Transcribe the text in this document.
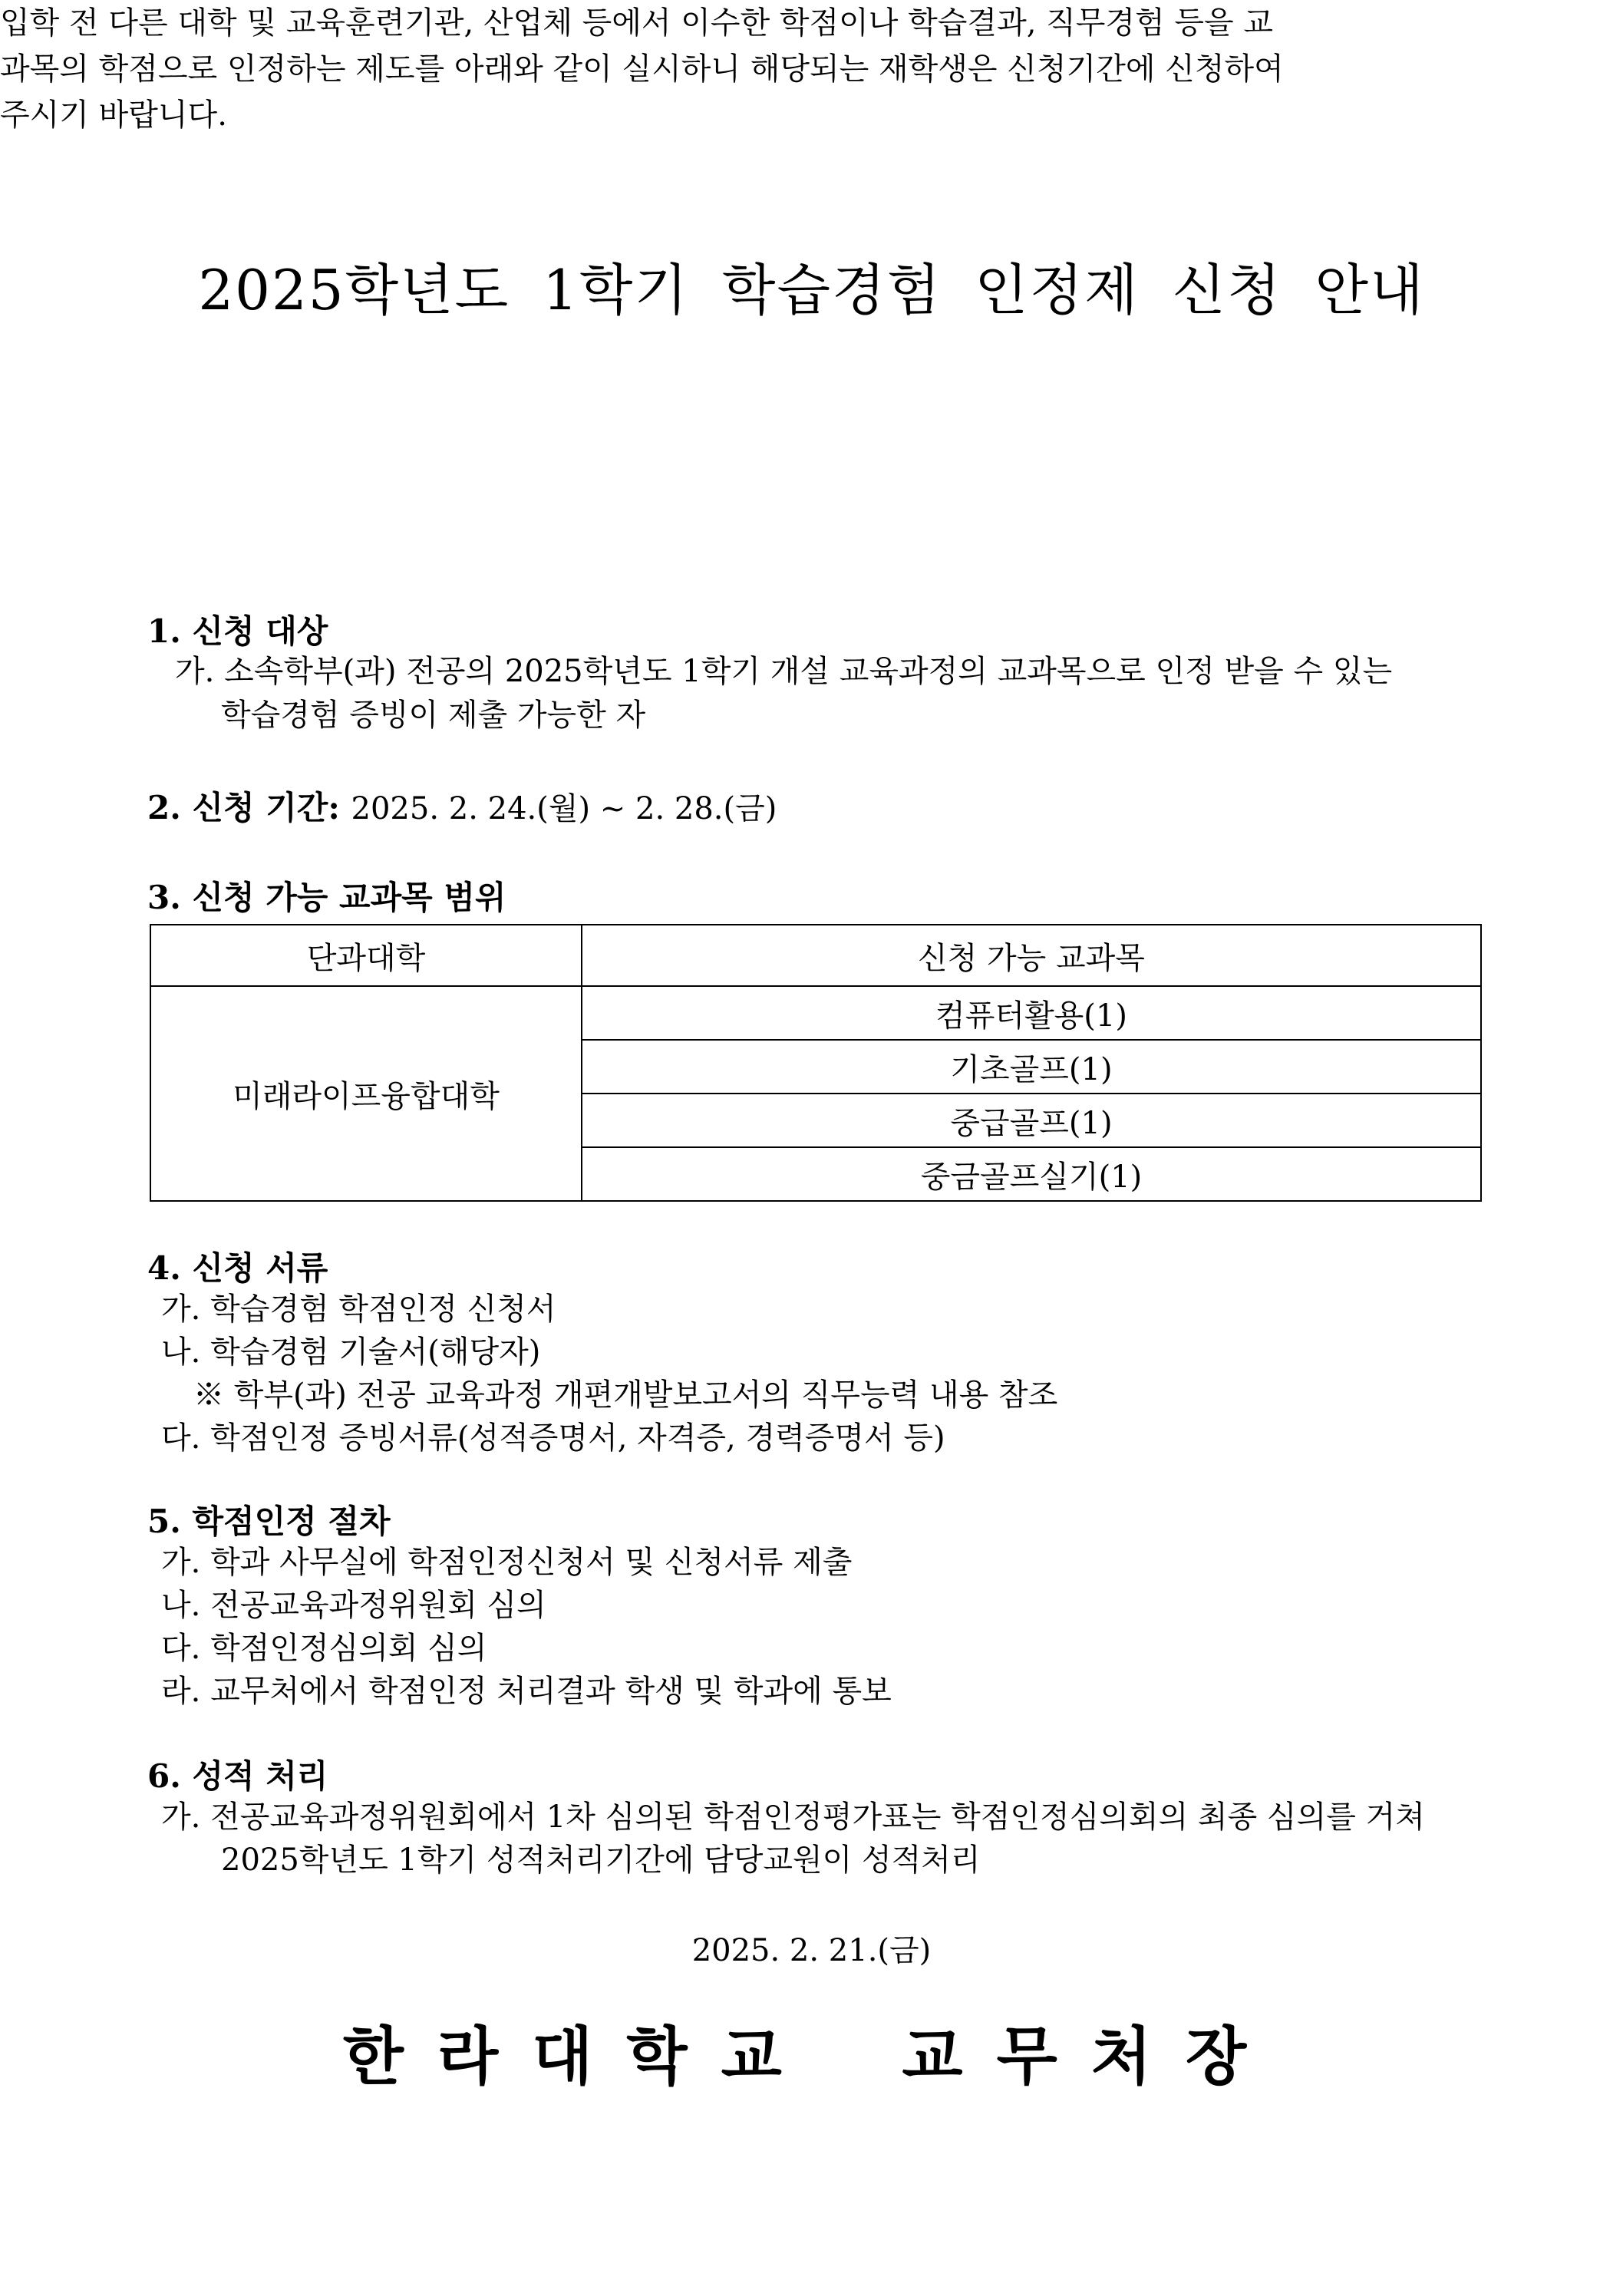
2025학년도 1학기 학습경험 인정제 신청 안내
입학 전 다른 대학 및 교육훈련기관, 산업체 등에서 이수한 학점이나 학습결과, 직무경험 등을 교
과목의 학점으로 인정하는 제도를 아래와 같이 실시하니 해당되는 재학생은 신청기간에 신청하여
주시기 바랍니다.
1. 신청 대상
가. 소속학부(과) 전공의 2025학년도 1학기 개설 교육과정의 교과목으로 인정 받을 수 있는
학습경험 증빙이 제출 가능한 자
2. 신청 기간: 2025. 2. 24.(월) ~ 2. 28.(금)
3. 신청 가능 교과목 범위
단과대학	신청 가능 교과목
미래라이프융합대학	컴퓨터활용(1)
	기초골프(1)
	중급골프(1)
	중금골프실기(1)
4. 신청 서류
가. 학습경험 학점인정 신청서
나. 학습경험 기술서(해당자)
※ 학부(과) 전공 교육과정 개편개발보고서의 직무능력 내용 참조
다. 학점인정 증빙서류(성적증명서, 자격증, 경력증명서 등)
5. 학점인정 절차
가. 학과 사무실에 학점인정신청서 및 신청서류 제출
나. 전공교육과정위원회 심의
다. 학점인정심의회 심의
라. 교무처에서 학점인정 처리결과 학생 및 학과에 통보
6. 성적 처리
가. 전공교육과정위원회에서 1차 심의된 학점인정평가표는 학점인정심의회의 최종 심의를 거쳐
2025학년도 1학기 성적처리기간에 담당교원이 성적처리
2025. 2. 21.(금)
한라대학교 교무처장
